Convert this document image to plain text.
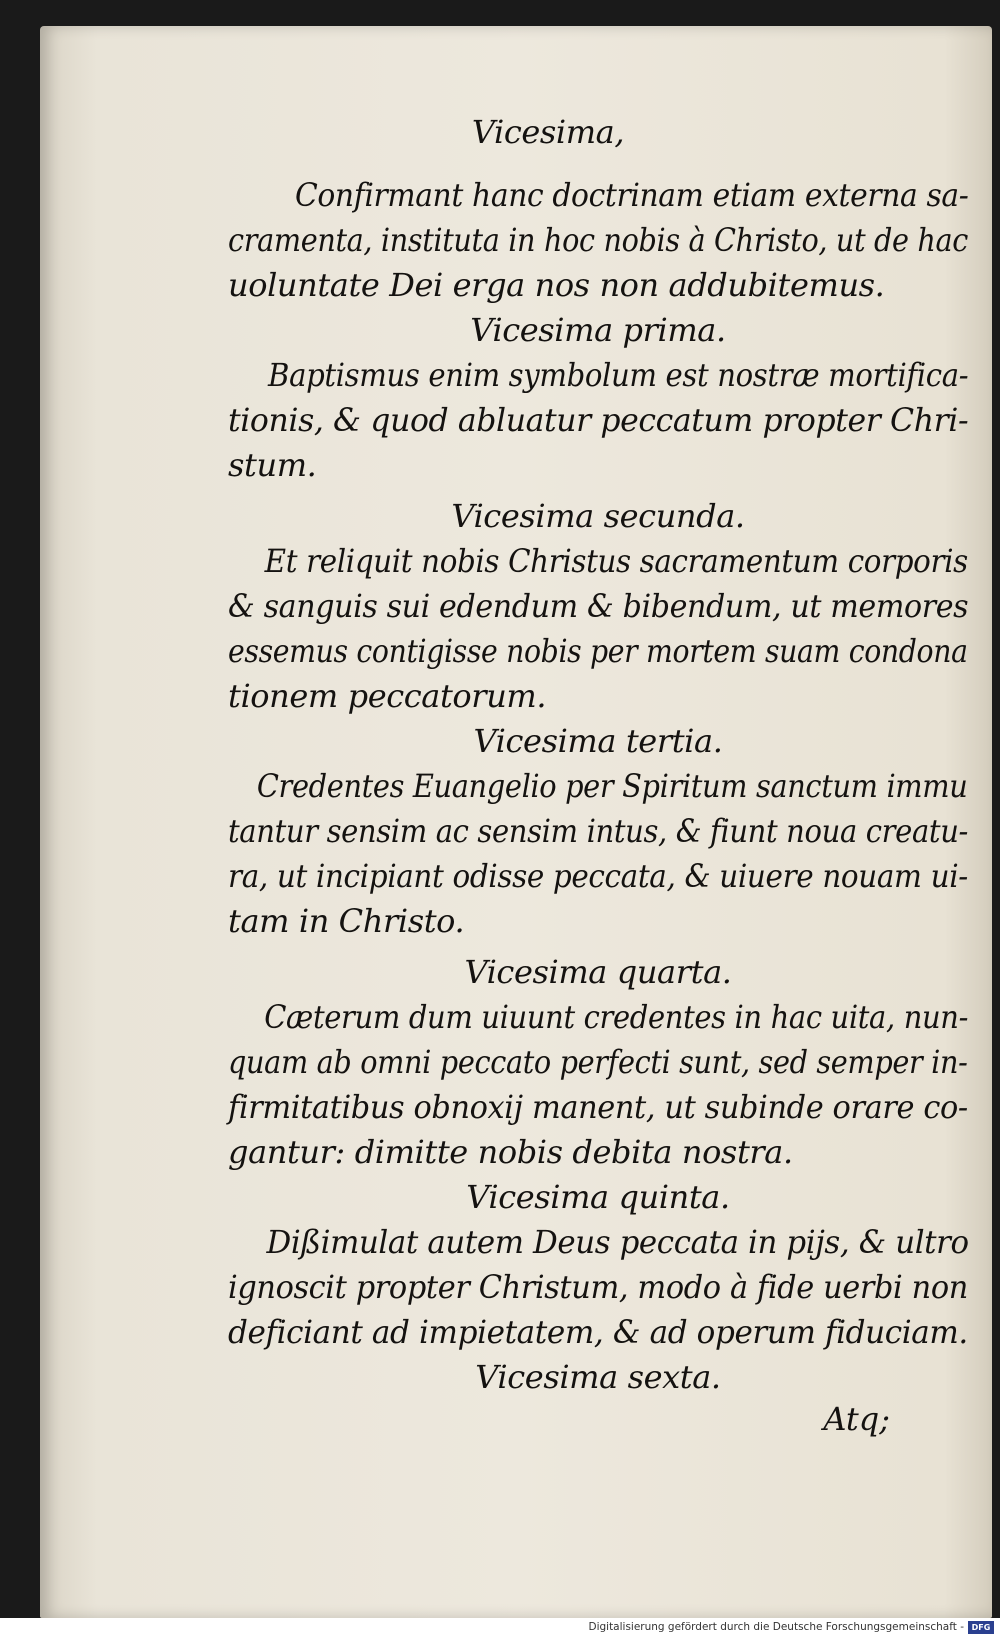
Vicesima,
Confirmant hanc doctrinam etiam externa sa-
cramenta, instituta in hoc nobis à Christo, ut de hac
uoluntate Dei erga nos non addubitemus.
Vicesima prima.
Baptismus enim symbolum est nostræ mortifica-
tionis, & quod abluatur peccatum propter Chri-
stum.
Vicesima secunda.
Et reliquit nobis Christus sacramentum corporis
& sanguis sui edendum & bibendum, ut memores
essemus contigisse nobis per mortem suam condona
tionem peccatorum.
Vicesima tertia.
Credentes Euangelio per Spiritum sanctum immu
tantur sensim ac sensim intus, & fiunt noua creatu-
ra, ut incipiant odisse peccata, & uiuere nouam ui-
tam in Christo.
Vicesima quarta.
Cæterum dum uiuunt credentes in hac uita, nun-
quam ab omni peccato perfecti sunt, sed semper in-
firmitatibus obnoxij manent, ut subinde orare co-
gantur: dimitte nobis debita nostra.
Vicesima quinta.
Dißimulat autem Deus peccata in pijs, & ultro
ignoscit propter Christum, modo à fide uerbi non
deficiant ad impietatem, & ad operum fiduciam.
Vicesima sexta.
Atq;
Digitalisierung gefördert durch die Deutsche Forschungsgemeinschaft - DFG
